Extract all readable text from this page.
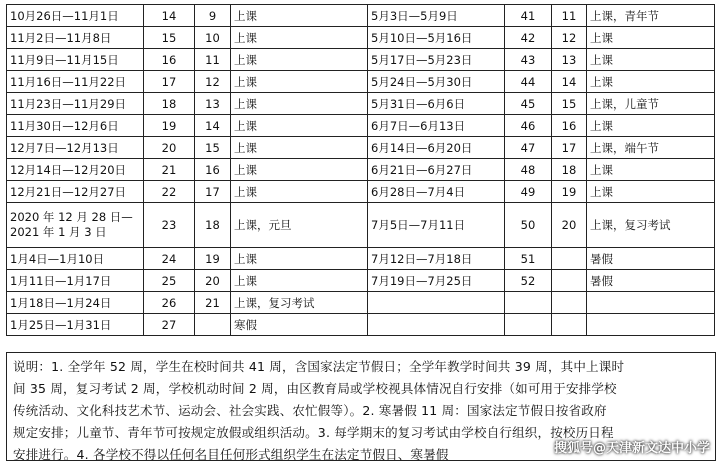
10月26日—11月1日	14	9	上课	5月3日—5月9日	41	11	上课，青年节
11月2日—11月8日	15	10	上课	5月10日—5月16日	42	12	上课
11月9日—11月15日	16	11	上课	5月17日—5月23日	43	13	上课
11月16日—11月22日	17	12	上课	5月24日—5月30日	44	14	上课
11月23日—11月29日	18	13	上课	5月31日—6月6日	45	15	上课，儿童节
11月30日—12月6日	19	14	上课	6月7日—6月13日	46	16	上课
12月7日—12月13日	20	15	上课	6月14日—6月20日	47	17	上课，端午节
12月14日—12月20日	21	16	上课	6月21日—6月27日	48	18	上课
12月21日—12月27日	22	17	上课	6月28日—7月4日	49	19	上课
2020 年 12 月 28 日—
2021 年 1 月 3 日	23	18	上课，元旦	7月5日—7月11日	50	20	上课，复习考试
1月4日—1月10日	24	19	上课	7月12日—7月18日	51		暑假
1月11日—1月17日	25	20	上课	7月19日—7月25日	52		暑假
1月18日—1月24日	26	21	上课，复习考试				
1月25日—1月31日	27		寒假				
说明：1. 全学年 52 周，学生在校时间共 41 周，含国家法定节假日；全学年教学时间共 39 周，其中上课时
间 35 周，复习考试 2 周，学校机动时间 2 周，由区教育局或学校视具体情况自行安排（如可用于安排学校
传统活动、文化科技艺术节、运动会、社会实践、农忙假等）。2. 寒暑假 11 周：国家法定节假日按省政府
规定安排；儿童节、青年节可按规定放假或组织活动。3. 每学期末的复习考试由学校自行组织，按校历日程
安排进行。4. 各学校不得以任何名目任何形式组织学生在法定节假日、寒暑假	搜狐号@天津新文达中小学
